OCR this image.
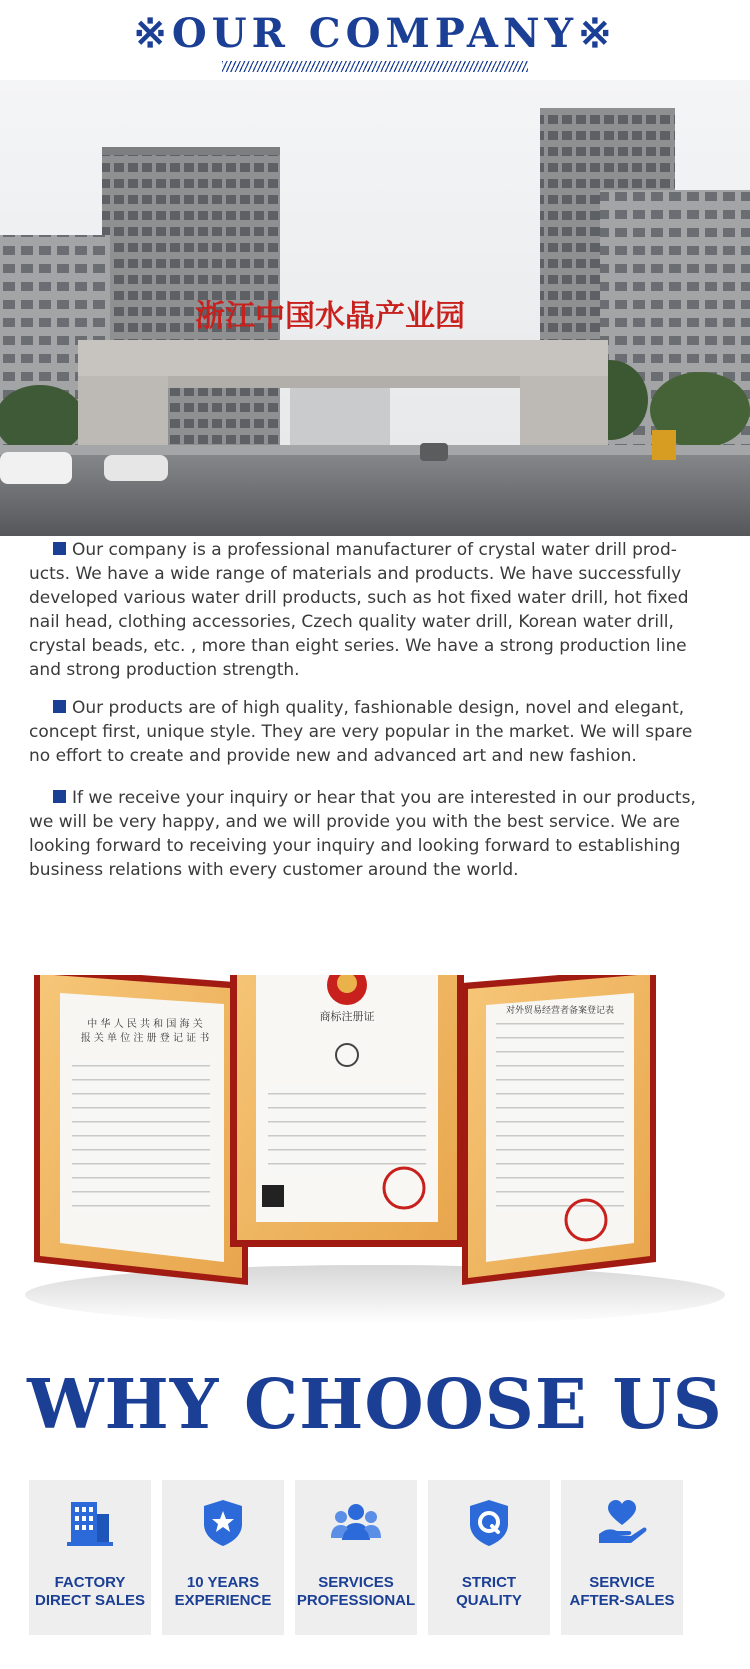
※OUR COMPANY※
浙江中国水晶产业园
Our company is a professional manufacturer of crystal water drill prod-ucts. We have a wide range of materials and products. We have successfully developed various water drill products, such as hot fixed water drill, hot fixed nail head, clothing accessories, Czech quality water drill, Korean water drill, crystal beads, etc. , more than eight series. We have a strong production line and strong production strength.
Our products are of high quality, fashionable design, novel and elegant, concept first, unique style. They are very popular in the market. We will spare no effort to create and provide new and advanced art and new fashion.
If we receive your inquiry or hear that you are interested in our products, we will be very happy, and we will provide you with the best service. We are looking forward to receiving your inquiry and looking forward to establishing business relations with every customer around the world.
中 华 人 民 共 和 国 海 关
报 关 单 位 注 册 登 记 证 书
对外贸易经营者备案登记表
商标注册证
WHY CHOOSE US
FACTORY
DIRECT SALES
10 YEARS
EXPERIENCE
SERVICES
PROFESSIONAL
STRICT
QUALITY
SERVICE
AFTER-SALES
